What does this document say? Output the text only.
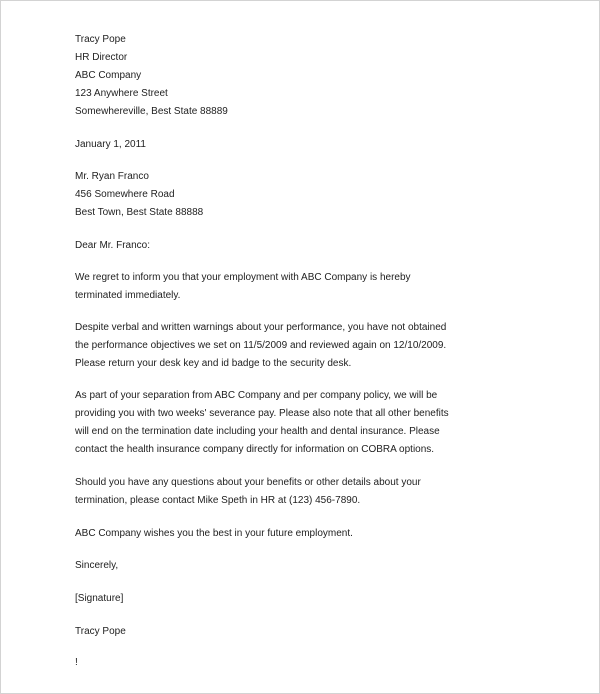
Tracy Pope
HR Director
ABC Company
123 Anywhere Street
Somewhereville, Best State 88889
January 1, 2011
Mr. Ryan Franco
456 Somewhere Road
Best Town, Best State 88888
Dear Mr. Franco:
We regret to inform you that your employment with ABC Company is hereby
terminated immediately.
Despite verbal and written warnings about your performance, you have not obtained
the performance objectives we set on 11/5/2009 and reviewed again on 12/10/2009.
Please return your desk key and id badge to the security desk.
As part of your separation from ABC Company and per company policy, we will be
providing you with two weeks' severance pay. Please also note that all other benefits
will end on the termination date including your health and dental insurance. Please
contact the health insurance company directly for information on COBRA options.
Should you have any questions about your benefits or other details about your
termination, please contact Mike Speth in HR at (123) 456-7890.
ABC Company wishes you the best in your future employment.
Sincerely,
[Signature]
Tracy Pope
!
